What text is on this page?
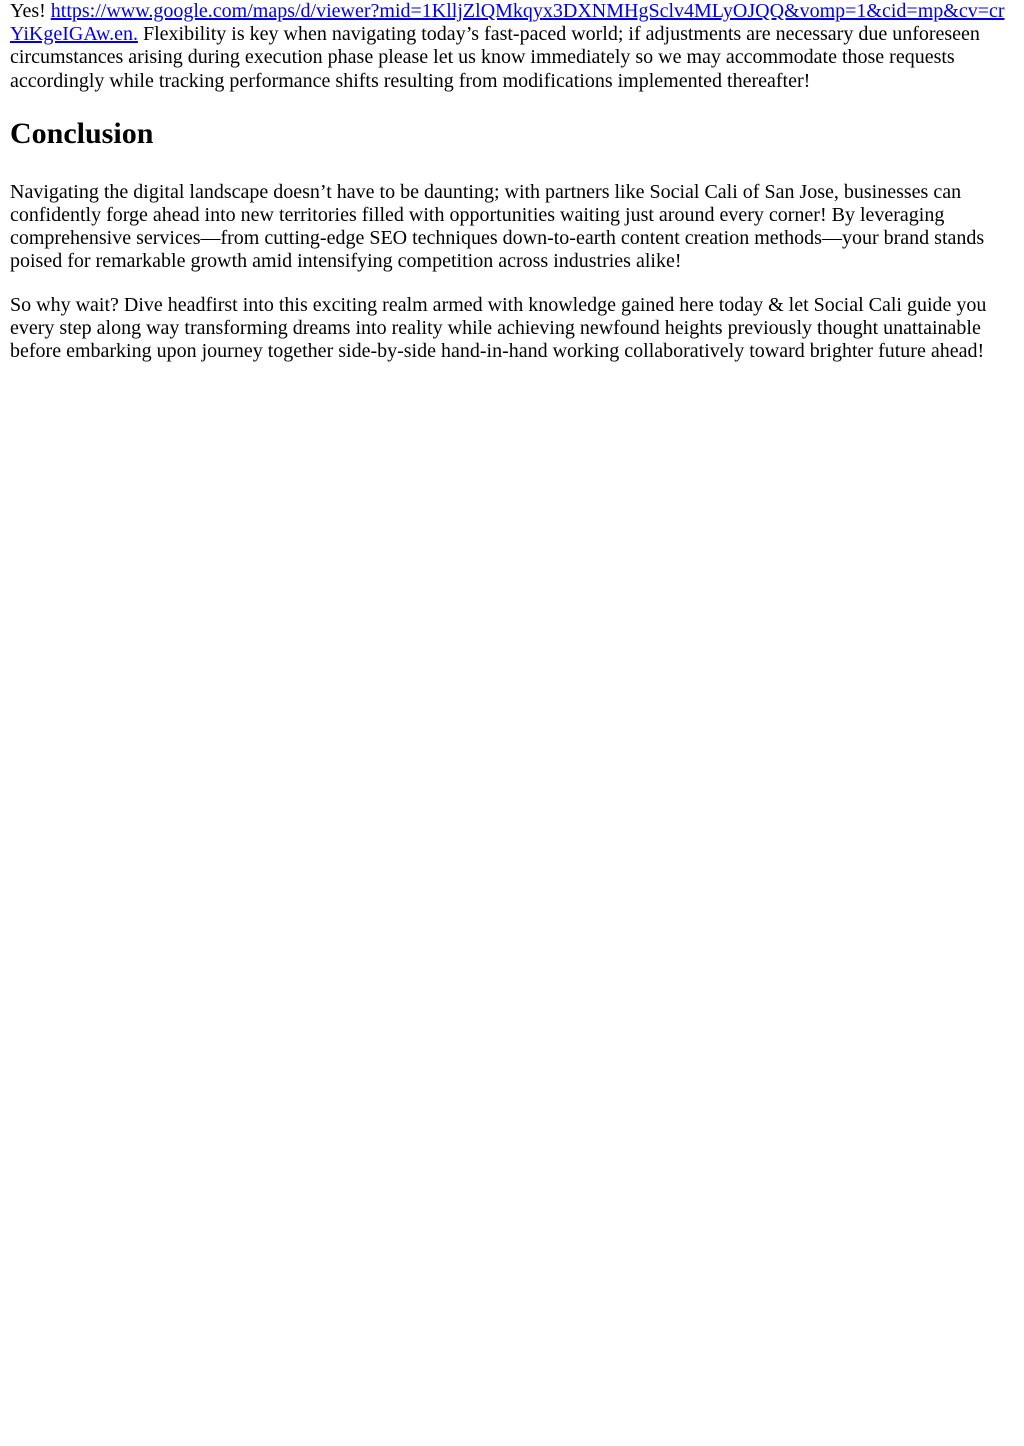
Yes! https://www.google.com/maps/d/viewer?mid=1KlljZlQMkqyx3DXNMHgSclv4MLyOJQQ&vomp=1&cid=mp&cv=crYiKgeIGAw.en. Flexibility is key when navigating today’s fast-paced world; if adjustments are necessary due unforeseen circumstances arising during execution phase please let us know immediately so we may accommodate those requests accordingly while tracking performance shifts resulting from modifications implemented thereafter!

Conclusion

Navigating the digital landscape doesn’t have to be daunting; with partners like Social Cali of San Jose, businesses can confidently forge ahead into new territories filled with opportunities waiting just around every corner! By leveraging comprehensive services—from cutting-edge SEO techniques down-to-earth content creation methods—your brand stands poised for remarkable growth amid intensifying competition across industries alike!

So why wait? Dive headfirst into this exciting realm armed with knowledge gained here today & let Social Cali guide you every step along way transforming dreams into reality while achieving newfound heights previously thought unattainable before embarking upon journey together side-by-side hand-in-hand working collaboratively toward brighter future ahead!
